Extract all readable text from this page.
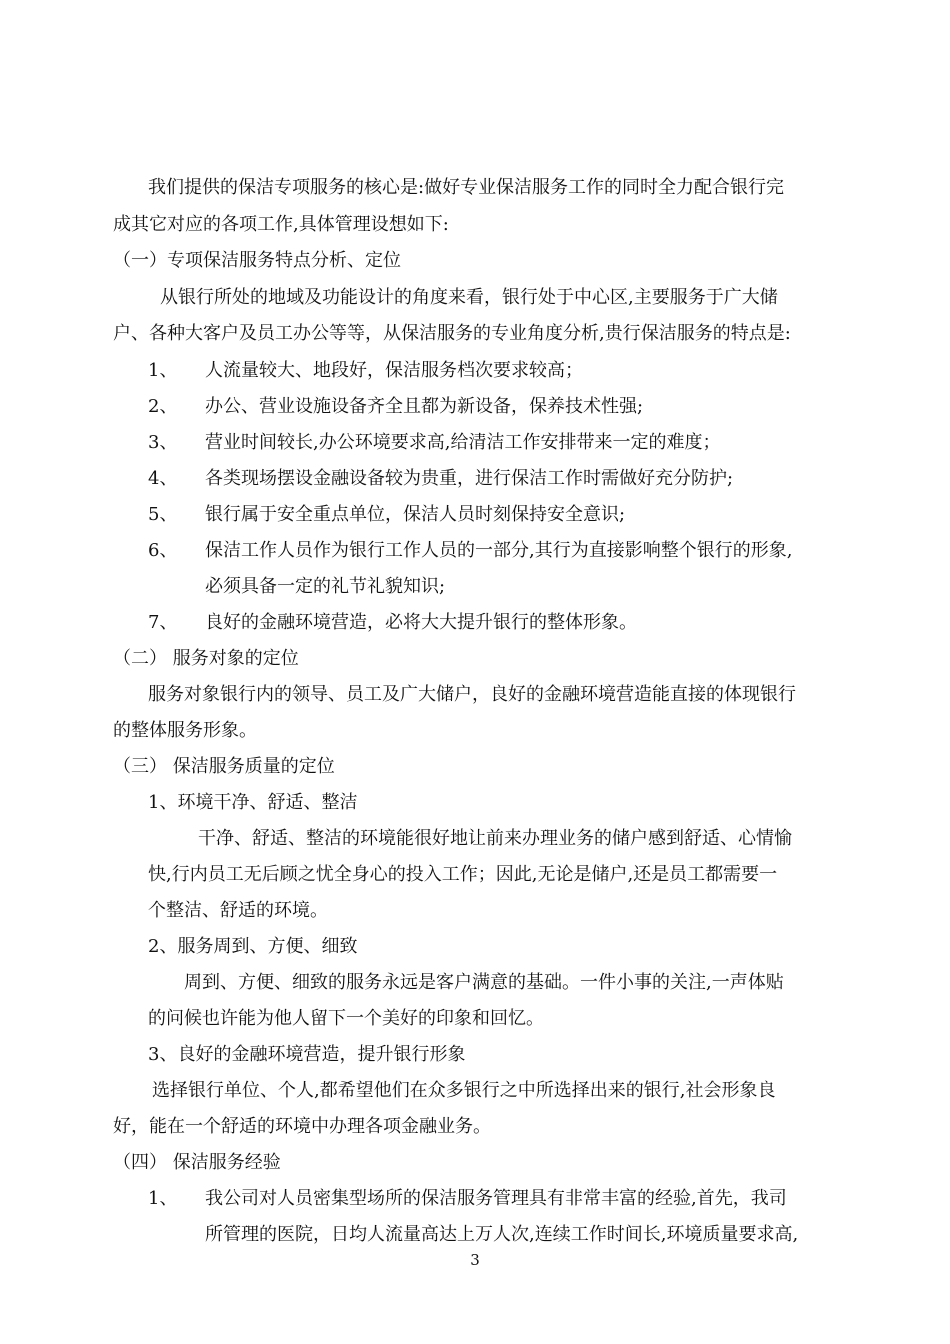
我们提供的保洁专项服务的核心是:做好专业保洁服务工作的同时全力配合银行完
成其它对应的各项工作,具体管理设想如下:
（一）专项保洁服务特点分析、定位
从银行所处的地域及功能设计的角度来看，银行处于中心区,主要服务于广大储
户、各种大客户及员工办公等等，从保洁服务的专业角度分析,贵行保洁服务的特点是:
1、 人流量较大、地段好，保洁服务档次要求较高；
2、 办公、营业设施设备齐全且都为新设备，保养技术性强;
3、 营业时间较长,办公环境要求高,给清洁工作安排带来一定的难度；
4、 各类现场摆设金融设备较为贵重，进行保洁工作时需做好充分防护;
5、 银行属于安全重点单位，保洁人员时刻保持安全意识;
6、 保洁工作人员作为银行工作人员的一部分,其行为直接影响整个银行的形象,
必须具备一定的礼节礼貌知识;
7、 良好的金融环境营造，必将大大提升银行的整体形象。
（二） 服务对象的定位
服务对象银行内的领导、员工及广大储户，良好的金融环境营造能直接的体现银行
的整体服务形象。
（三） 保洁服务质量的定位
1、环境干净、舒适、整洁
干净、舒适、整洁的环境能很好地让前来办理业务的储户感到舒适、心情愉
快,行内员工无后顾之忧全身心的投入工作；因此,无论是储户,还是员工都需要一
个整洁、舒适的环境。
2、服务周到、方便、细致
周到、方便、细致的服务永远是客户满意的基础。一件小事的关注,一声体贴
的问候也许能为他人留下一个美好的印象和回忆。
3、良好的金融环境营造，提升银行形象
选择银行单位、个人,都希望他们在众多银行之中所选择出来的银行,社会形象良
好，能在一个舒适的环境中办理各项金融业务。
（四） 保洁服务经验
1、 我公司对人员密集型场所的保洁服务管理具有非常丰富的经验,首先，我司
所管理的医院，日均人流量高达上万人次,连续工作时间长,环境质量要求高,
3
